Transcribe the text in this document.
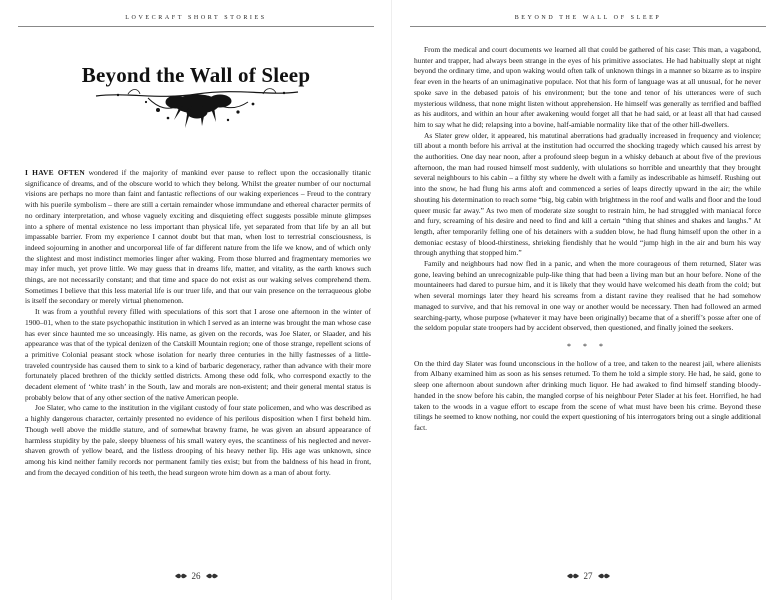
LOVECRAFT SHORT STORIES
Beyond the Wall of Sleep

I HAVE OFTEN wondered if the majority of mankind ever pause to reflect upon the occasionally titanic significance of dreams, and of the obscure world to which they belong. Whilst the greater number of our nocturnal visions are perhaps no more than faint and fantastic reflections of our waking experiences – Freud to the contrary with his puerile symbolism – there are still a certain remainder whose immundane and ethereal character permits of no ordinary interpretation, and whose vaguely exciting and disquieting effect suggests possible minute glimpses into a sphere of mental existence no less important than physical life, yet separated from that life by an all but impassable barrier. From my experience I cannot doubt but that man, when lost to terrestrial consciousness, is indeed sojourning in another and uncorporeal life of far different nature from the life we know, and of which only the slightest and most indistinct memories linger after waking. From those blurred and fragmentary memories we may infer much, yet prove little. We may guess that in dreams life, matter, and vitality, as the earth knows such things, are not necessarily constant; and that time and space do not exist as our waking selves comprehend them. Sometimes I believe that this less material life is our truer life, and that our vain presence on the terraqueous globe is itself the secondary or merely virtual phenomenon.

It was from a youthful revery filled with speculations of this sort that I arose one afternoon in the winter of 1900–01, when to the state psychopathic institution in which I served as an interne was brought the man whose case has ever since haunted me so unceasingly. His name, as given on the records, was Joe Slater, or Slaader, and his appearance was that of the typical denizen of the Catskill Mountain region; one of those strange, repellent scions of a primitive Colonial peasant stock whose isolation for nearly three centuries in the hilly fastnesses of a little-traveled countryside has caused them to sink to a kind of barbaric degeneracy, rather than advance with their more fortunately placed brethren of the thickly settled districts. Among these odd folk, who correspond exactly to the decadent element of ‘white trash’ in the South, law and morals are non-existent; and their general mental status is probably below that of any other section of the native American people.

Joe Slater, who came to the institution in the vigilant custody of four state policemen, and who was described as a highly dangerous character, certainly presented no evidence of his perilous disposition when I first beheld him. Though well above the middle stature, and of somewhat brawny frame, he was given an absurd appearance of harmless stupidity by the pale, sleepy blueness of his small watery eyes, the scantiness of his neglected and never-shaven growth of yellow beard, and the listless drooping of his heavy nether lip. His age was unknown, since among his kind neither family records nor permanent family ties exist; but from the baldness of his head in front, and from the decayed condition of his teeth, the head surgeon wrote him down as a man of about forty.

26
BEYOND THE WALL OF SLEEP

From the medical and court documents we learned all that could be gathered of his case: This man, a vagabond, hunter and trapper, had always been strange in the eyes of his primitive associates. He had habitually slept at night beyond the ordinary time, and upon waking would often talk of unknown things in a manner so bizarre as to inspire fear even in the hearts of an unimaginative populace. Not that his form of language was at all unusual, for he never spoke save in the debased patois of his environment; but the tone and tenor of his utterances were of such mysterious wildness, that none might listen without apprehension. He himself was generally as terrified and baffled as his auditors, and within an hour after awakening would forget all that he had said, or at least all that had caused him to say what he did; relapsing into a bovine, half-amiable normality like that of the other hill-dwellers.

As Slater grew older, it appeared, his matutinal aberrations had gradually increased in frequency and violence; till about a month before his arrival at the institution had occurred the shocking tragedy which caused his arrest by the authorities. One day near noon, after a profound sleep begun in a whisky debauch at about five of the previous afternoon, the man had roused himself most suddenly, with ululations so horrible and unearthly that they brought several neighbours to his cabin – a filthy sty where he dwelt with a family as indescribable as himself. Rushing out into the snow, he had flung his arms aloft and commenced a series of leaps directly upward in the air; the while shouting his determination to reach some “big, big cabin with brightness in the roof and walls and floor and the loud queer music far away.” As two men of moderate size sought to restrain him, he had struggled with maniacal force and fury, screaming of his desire and need to find and kill a certain “thing that shines and shakes and laughs.” At length, after temporarily felling one of his detainers with a sudden blow, he had flung himself upon the other in a demoniac ecstasy of blood-thirstiness, shrieking fiendishly that he would “jump high in the air and burn his way through anything that stopped him.”

Family and neighbours had now fled in a panic, and when the more courageous of them returned, Slater was gone, leaving behind an unrecognizable pulp-like thing that had been a living man but an hour before. None of the mountaineers had dared to pursue him, and it is likely that they would have welcomed his death from the cold; but when several mornings later they heard his screams from a distant ravine they realised that he had somehow managed to survive, and that his removal in one way or another would be necessary. Then had followed an armed searching-party, whose purpose (whatever it may have been originally) became that of a sheriff’s posse after one of the seldom popular state troopers had by accident observed, then questioned, and finally joined the seekers.

* * *

On the third day Slater was found unconscious in the hollow of a tree, and taken to the nearest jail, where alienists from Albany examined him as soon as his senses returned. To them he told a simple story. He had, he said, gone to sleep one afternoon about sundown after drinking much liquor. He had awaked to find himself standing bloody-handed in the snow before his cabin, the mangled corpse of his neighbour Peter Slader at his feet. Horrified, he had taken to the woods in a vague effort to escape from the scene of what must have been his crime. Beyond these tilings he seemed to know nothing, nor could the expert questioning of his interrogators bring out a single additional fact.

27
